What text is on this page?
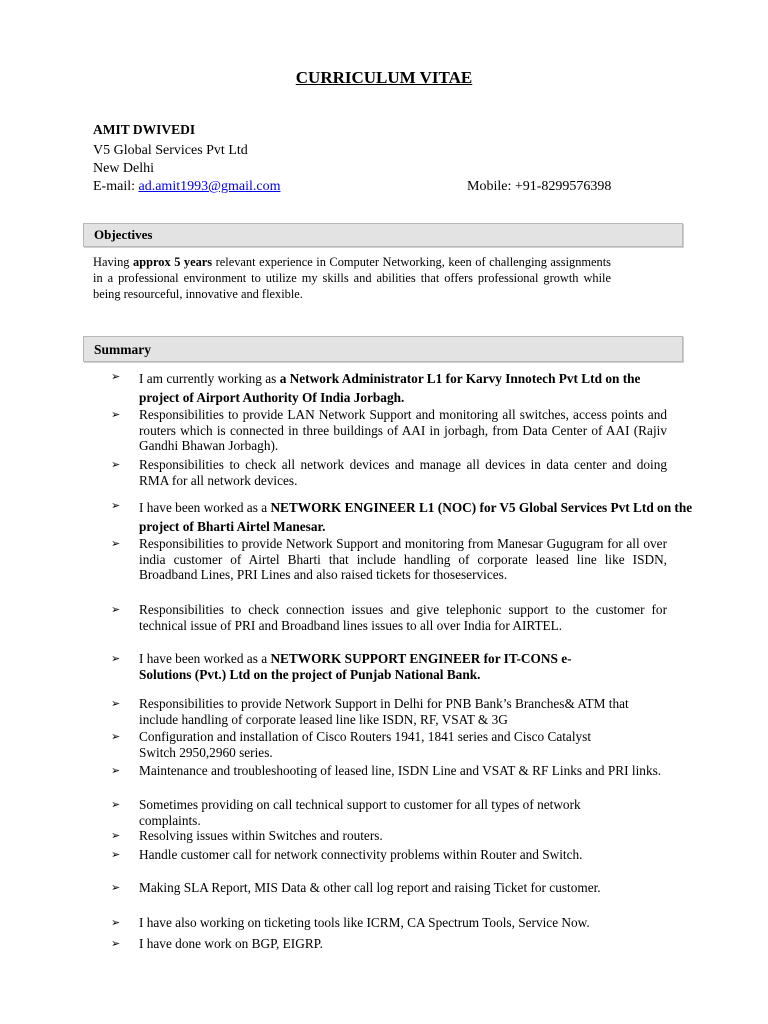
CURRICULUM VITAE
AMIT DWIVEDI
V5 Global Services Pvt Ltd
New Delhi
E-mail: ad.amit1993@gmail.com	Mobile: +91-8299576398
Objectives
Having approx 5 years relevant experience in Computer Networking, keen of challenging assignments in a professional environment to utilize my skills and abilities that offers professional growth while being resourceful, innovative and flexible.
Summary
➢ I am currently working as a Network Administrator L1 for Karvy Innotech Pvt Ltd on the project of Airport Authority Of India Jorbagh.
➢ Responsibilities to provide LAN Network Support and monitoring all switches, access points and routers which is connected in three buildings of AAI in jorbagh, from Data Center of AAI (Rajiv Gandhi Bhawan Jorbagh).
➢ Responsibilities to check all network devices and manage all devices in data center and doing RMA for all network devices.
➢ I have been worked as a NETWORK ENGINEER L1 (NOC) for V5 Global Services Pvt Ltd on the project of Bharti Airtel Manesar.
➢ Responsibilities to provide Network Support and monitoring from Manesar Gugugram for all over india customer of Airtel Bharti that include handling of corporate leased line like ISDN, Broadband Lines, PRI Lines and also raised tickets for thoseservices.
➢ Responsibilities to check connection issues and give telephonic support to the customer for technical issue of PRI and Broadband lines issues to all over India for AIRTEL.
➢ I have been worked as a NETWORK SUPPORT ENGINEER for IT-CONS e- Solutions (Pvt.) Ltd on the project of Punjab National Bank.
➢ Responsibilities to provide Network Support in Delhi for PNB Bank’s Branches& ATM that include handling of corporate leased line like ISDN, RF, VSAT & 3G
➢ Configuration and installation of Cisco Routers 1941, 1841 series and Cisco Catalyst Switch 2950,2960 series.
➢ Maintenance and troubleshooting of leased line, ISDN Line and VSAT & RF Links and PRI links.
➢ Sometimes providing on call technical support to customer for all types of network complaints.
➢ Resolving issues within Switches and routers.
➢ Handle customer call for network connectivity problems within Router and Switch.
➢ Making SLA Report, MIS Data & other call log report and raising Ticket for customer.
➢ I have also working on ticketing tools like ICRM, CA Spectrum Tools, Service Now.
➢ I have done work on BGP, EIGRP.
